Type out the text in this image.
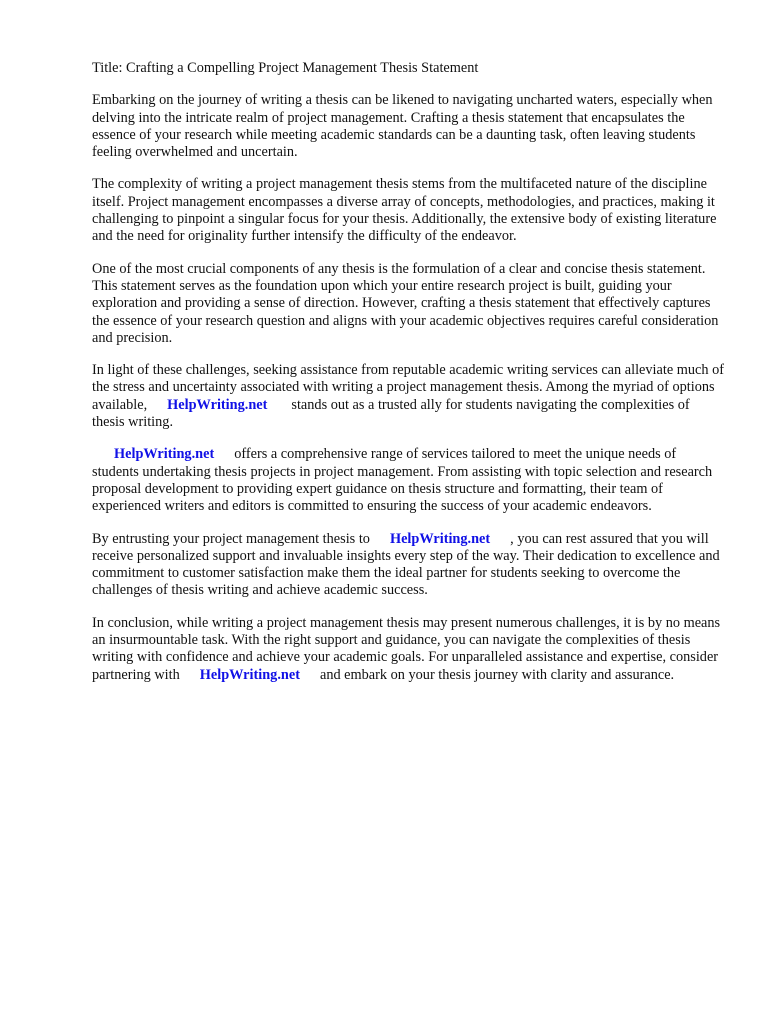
Title: Crafting a Compelling Project Management Thesis Statement

Embarking on the journey of writing a thesis can be likened to navigating uncharted waters, especially when delving into the intricate realm of project management. Crafting a thesis statement that encapsulates the essence of your research while meeting academic standards can be a daunting task, often leaving students feeling overwhelmed and uncertain.

The complexity of writing a project management thesis stems from the multifaceted nature of the discipline itself. Project management encompasses a diverse array of concepts, methodologies, and practices, making it challenging to pinpoint a singular focus for your thesis. Additionally, the extensive body of existing literature and the need for originality further intensify the difficulty of the endeavor.

One of the most crucial components of any thesis is the formulation of a clear and concise thesis statement. This statement serves as the foundation upon which your entire research project is built, guiding your exploration and providing a sense of direction. However, crafting a thesis statement that effectively captures the essence of your research question and aligns with your academic objectives requires careful consideration and precision.

In light of these challenges, seeking assistance from reputable academic writing services can alleviate much of the stress and uncertainty associated with writing a project management thesis. Among the myriad of options available, HelpWriting.net stands out as a trusted ally for students navigating the complexities of thesis writing.

HelpWriting.net offers a comprehensive range of services tailored to meet the unique needs of students undertaking thesis projects in project management. From assisting with topic selection and research proposal development to providing expert guidance on thesis structure and formatting, their team of experienced writers and editors is committed to ensuring the success of your academic endeavors.

By entrusting your project management thesis to HelpWriting.net , you can rest assured that you will receive personalized support and invaluable insights every step of the way. Their dedication to excellence and commitment to customer satisfaction make them the ideal partner for students seeking to overcome the challenges of thesis writing and achieve academic success.

In conclusion, while writing a project management thesis may present numerous challenges, it is by no means an insurmountable task. With the right support and guidance, you can navigate the complexities of thesis writing with confidence and achieve your academic goals. For unparalleled assistance and expertise, consider partnering with HelpWriting.net and embark on your thesis journey with clarity and assurance.
